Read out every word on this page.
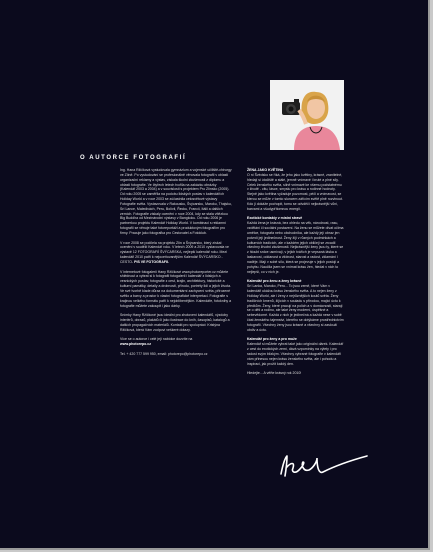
O AUTORCE FOTOGRAFIÍ

Ing. Hana Ržičková vystudovala gymnázium a vojenské učiliště-chirurgy ve Zlíně. Po vystudování se profesionálně věnovala fotografii v oblasti organizační reklamy a výstav, získala školní zkušenosti z diplomu a oblasti fotografie. Ve čtyřech letech tvořila na zakázku obrázky (Kalendář 2003 a 2004) a v souvislosti s projektem Pro Zlínsko (2005). Od roku 2005 se zaměřila na podobu lidských postav v kalendářích Holiday World a v roce 2003 se zúčastnila celosvětové výstavy Fotografie světa. Vystavovala v Rakousku, Švýcarsku, Maroku, Thajsku, Srí Lance, Maledivách, Peru, Bolívii, Řecku, Francii, Itálii a dalších zemích. Fotografie získaly ocenění v roce 2004, kdy se stala vítězkou Big Buddha od Mezinárodní výstavy v Bangkoku. Od roku 2006 je partnerkou projektu Kalendář Holiday World. V kombinaci s reklamní fotografií se věnuje také fotoreportáži a produktovým fotografiím pro firmy. Pracuje jako fotografka pro Cestovatel a Fotoklub.

V roce 2008 se podílela na projektu Zlín a Švýcarsko, který získal ocenění v soutěži Kalendář roku. V letech 2009 a 2010 vystavovala ve výstavě 12 FOTOGRAFIÍ ŠVÝCARSKA, nejlepší kalendář roku. Mezi kalendáři 2010 patří k nejoceňovanějším Kalendář ŠVÝCARSKO - CESTO- PIS VE FOTOGRAFII.

V internetové fotogalerii Hany Ržičkové www.photoreporter.cz můžete shlédnout a vybrat si k fotografii fotogalerii i kalendář z lidských a vesnických postav, fotografie z cest, krajin, architektury, historické a kulturní památky, detaily a drobnosti, přírodu, portréty lidí a jejich života. Ve své tvorbě klade důraz na dokumentární zachycení světa, přirozené světlo a barvy a prostor k vlastní fotografické interpretaci. Fotografie s krajinou velkého formátu patří k nejoblíbenějším. Kalendáře, fotoknihy a fotografie můžete zakoupit i jako dárky.

Snímky Hany Ržičkové jsou ideální pro zhotovení kalendářů, výzdoby interiérů, obrazů, plakátů či jako ilustrace do knih, časopisů, katalogů a dalších propagačních materiálů. Kontakt pro spolupráci: Kristýna Ržičková, která Vám zodpoví veškeré dotazy.

Více se o autorce i celé její nabídce dozvíte na
www.photorepo.cz

Tel. + 420 777 599 950, email: photorepo@photorepo.cz

ŽENA JAKO KVĚTINA
O ní Švédsko se říká, že jeho jako květiny, krásné, zranitelné, hledají si útočiště a stálé, jemně vnímavé i kruté a plné síly. Celek ženského světa, silně vnímavé ke všemu podstatnému v životě - citu, lásce, smyslu pro krásu a rodinné hodnoty. Stejně jako květina vyžaduje pozornost, péči a vnímavost, se kterou se může v tomto sluncem zářícím světě plně rozvinout. Kdo ji dokáže pochopit, tomu se odvděčí nejkrásnější vůní, barvami a všudypřítomnou energií.

Exotické kontakty v místní stravě
Každá žena je krásná, bez ohledu na věk, národnost, rasu, vzdělání či sociální postavení. Na ženu se můžete dívat očima umělce, fotografa nebo obchodníka, ale každý její obraz jen potvrdí její jedinečnost. Ženy žijí v různých podmínkách a kulturních tradicích, ale v každém jejich obličeji se zrcadlí všechny životní zkušenosti. Nejkrásnější ženy jsou ty, které se z hloubi srdce usmívají, v jejich tvářích je vepsaná láska a laskavost, oddanost a vlídnost, starost a radost, zklamání i naděje. Mají v sobě sílu, která se projevuje v jejich postoji a pohybu. Naučila jsem se vnímat krásu žen, hledat v nich to nejlepší, co v nich je.

Kalendář pro ženu a ženy krásné
Srí Lanka, Maroko, Peru... To jsou země, které Vám v kalendáři ukážou krásu ženského světa. A to nejen ženy z Holiday World, ale i ženy z nejrůznějších koutů světa. Ženy tradičních kmenů, žijících v souladu s přírodou, mající úctu k předkům. Ženy, které pracují na polích a v domácnosti, starají se o děti a rodinu, ale také ženy moderní, úspěšné a sebevědomé. Každá z nich je jedinečná a každá nese v sobě část ženského tajemství, kterého se dotýkáme prostřednictvím fotografií. Všechny ženy jsou krásné a všechny si zaslouží obdiv a úctu.

Kalendář pro ženy a pro muže
Kalendář si můžete vybrat také jako originální dárek. Kalendář z cest do exotických zemí, dává vzpomínky na výlety i pro radost svým blízkým. Všechny vybrané fotografie v kalendáři vám přinesou nejen krásu ženského světa, ale i pohodu a inspiraci, jak prožít každý den.

Hledejte... A věřte krásný rok 2010!
